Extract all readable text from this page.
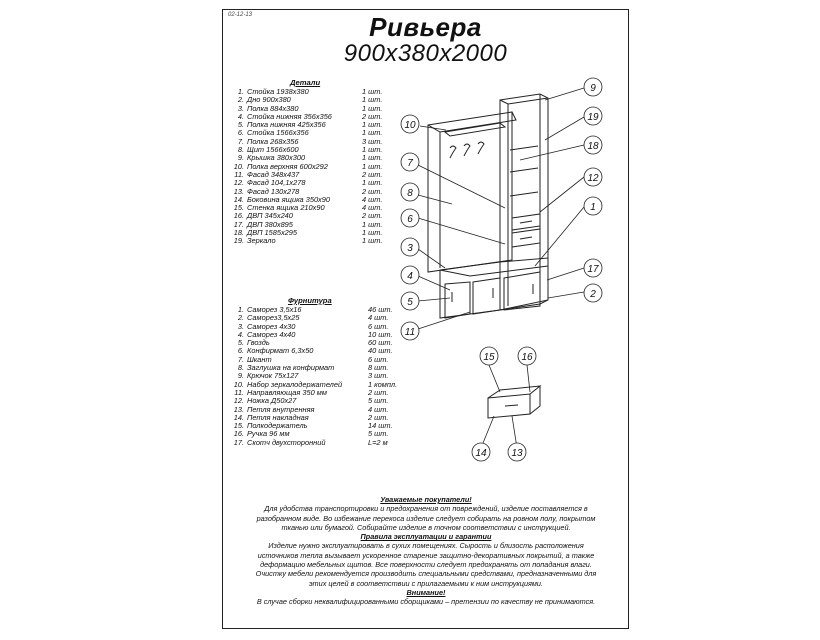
02-12-13	Ривьера
900х380х2000
Детали
1. Стойка 1938х380	1 шт.
2. Дно 900х380	1 шт.
3. Полка 884х380	1 шт.
4. Стойка нижняя 356х356	2 шт.
5. Полка нижняя 425х356	1 шт.
6. Стойка 1566х356	1 шт.
7. Полка 268х356	3 шт.
8. Щит 1566х600	1 шт.
9. Крышка 380х300	1 шт.
10. Полка верхняя 600х292	1 шт.
11. Фасад 348х437	2 шт.
12. Фасад 104,1х278	1 шт.
13. Фасад 130х278	2 шт.
14. Боковина ящика 350х90	4 шт.
15. Стенка ящика 210х90	4 шт.
16. ДВП 345х240	2 шт.
17. ДВП 380х895	1 шт.
18. ДВП 1585х295	1 шт.
19. Зеркало	1 шт.
Фурнитура
1. Саморез 3,5х16	46 шт.
2. Саморез3,5х25	4 шт.
3. Саморез 4х30	6 шт.
4. Саморез 4х40	10 шт.
5. Гвоздь	60 шт.
6. Конфирмат 6,3х50	40 шт.
7. Шкант	6 шт.
8. Заглушка на конфирмат	8 шт.
9. Крючок 75х127	3 шт.
10. Набор зеркалодержателей	1 компл.
11. Направляющая 350 мм	2 шт.
12. Ножка Д50х27	5 шт.
13. Петля внутренняя	4 шт.
14. Петля накладная	2 шт.
15. Полкодержатель	14 шт.
16. Ручка 96 мм	5 шт.
17. Скотч двухсторонний	L=2 м
Уважаемые покупатели!
Для удобства транспортировки и предохранения от повреждений, изделие поставляется в
разобранном виде. Во избежание перекоса изделие следует собирать на ровном полу, покрытом
тканью или бумагой. Собирайте изделие в точном соответствии с инструкцией.
Правила эксплуатации и гарантии
Изделие нужно эксплуатировать в сухих помещениях. Сырость и близость расположения
источников тепла вызывает ускоренное старение защитно-декоративных покрытий, а также
деформацию мебельных щитов. Все поверхности следует предохранять от попадания влаги.
Очистку мебели рекомендуется производить специальными средствами, предназначенными для
этих целей в соответствии с прилагаемыми к ним инструкциями.
Внимание!
В случае сборки неквалифицированными сборщиками – претензии по качеству не принимаются.
10
7
8
6
3
4
5
11
9
19
18
12
1
17
2
15	16
14 13
